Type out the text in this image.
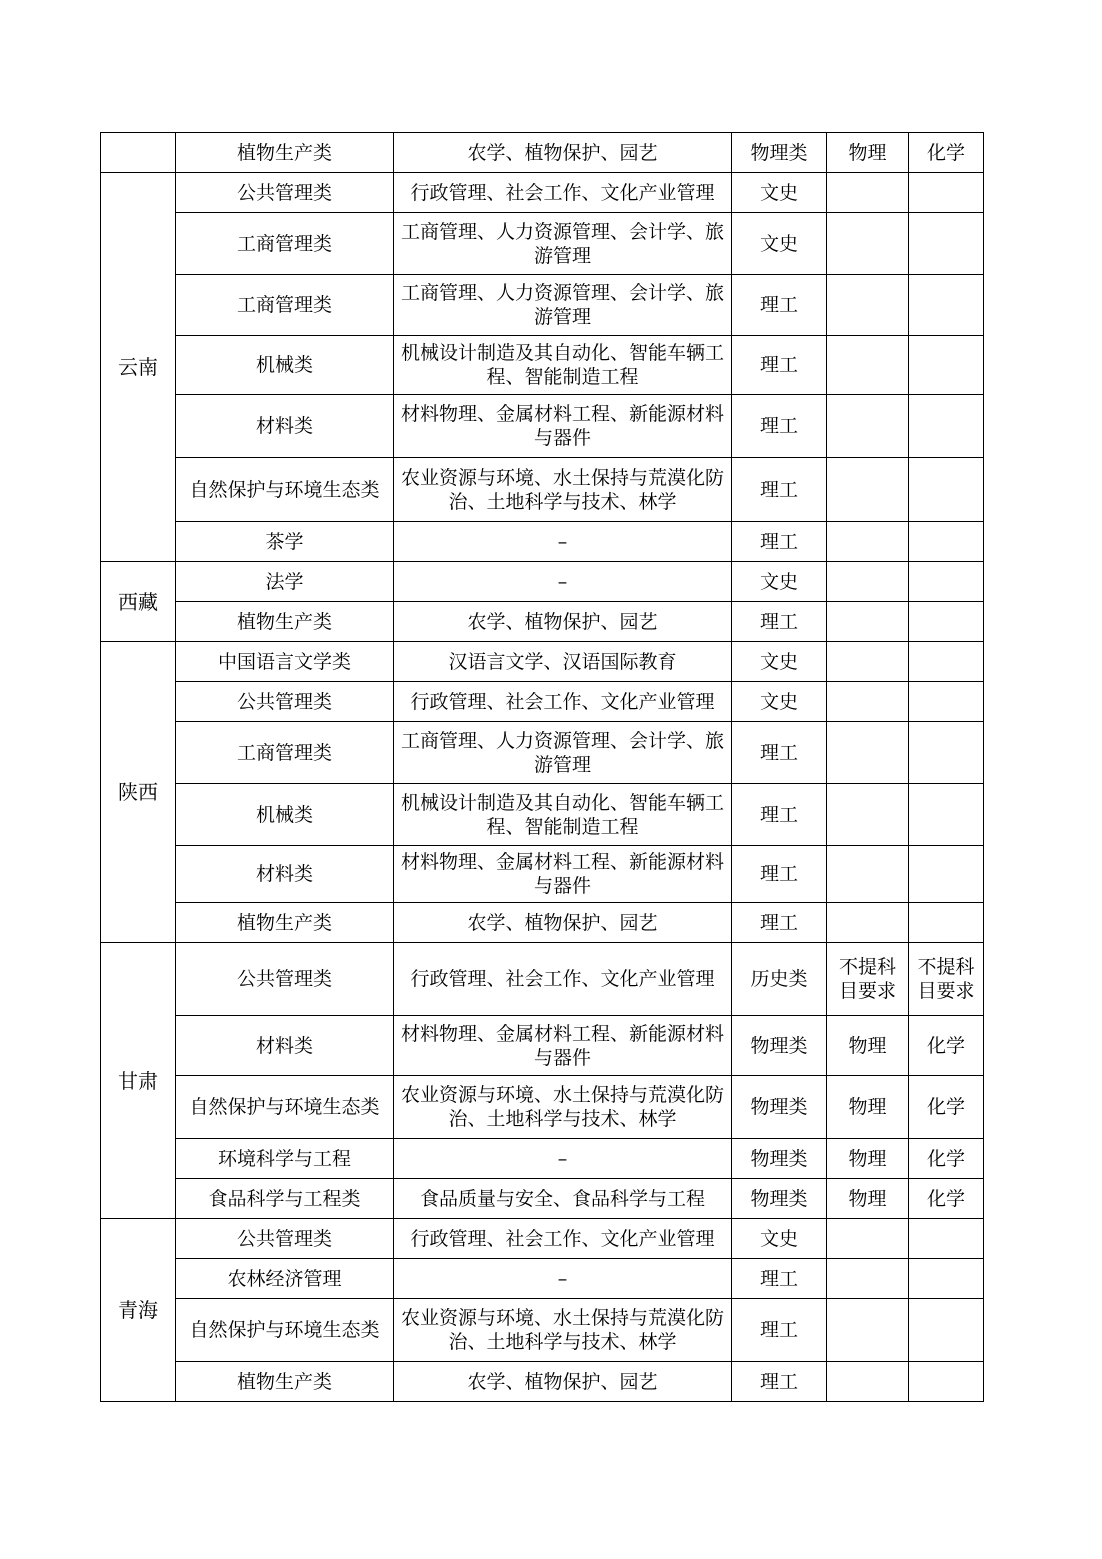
	植物生产类	农学、植物保护、园艺	物理类	物理	化学
云南	公共管理类	行政管理、社会工作、文化产业管理	文史		
	工商管理类	工商管理、人力资源管理、会计学、旅游管理	文史		
	工商管理类	工商管理、人力资源管理、会计学、旅游管理	理工		
	机械类	机械设计制造及其自动化、智能车辆工程、智能制造工程	理工		
	材料类	材料物理、金属材料工程、新能源材料与器件	理工		
	自然保护与环境生态类	农业资源与环境、水土保持与荒漠化防治、土地科学与技术、林学	理工		
	茶学	–	理工		
西藏	法学	–	文史		
	植物生产类	农学、植物保护、园艺	理工		
陕西	中国语言文学类	汉语言文学、汉语国际教育	文史		
	公共管理类	行政管理、社会工作、文化产业管理	文史		
	工商管理类	工商管理、人力资源管理、会计学、旅游管理	理工		
	机械类	机械设计制造及其自动化、智能车辆工程、智能制造工程	理工		
	材料类	材料物理、金属材料工程、新能源材料与器件	理工		
	植物生产类	农学、植物保护、园艺	理工		
甘肃	公共管理类	行政管理、社会工作、文化产业管理	历史类	不提科目要求	不提科目要求
	材料类	材料物理、金属材料工程、新能源材料与器件	物理类	物理	化学
	自然保护与环境生态类	农业资源与环境、水土保持与荒漠化防治、土地科学与技术、林学	物理类	物理	化学
	环境科学与工程	–	物理类	物理	化学
	食品科学与工程类	食品质量与安全、食品科学与工程	物理类	物理	化学
青海	公共管理类	行政管理、社会工作、文化产业管理	文史		
	农林经济管理	–	理工		
	自然保护与环境生态类	农业资源与环境、水土保持与荒漠化防治、土地科学与技术、林学	理工		
	植物生产类	农学、植物保护、园艺	理工		
